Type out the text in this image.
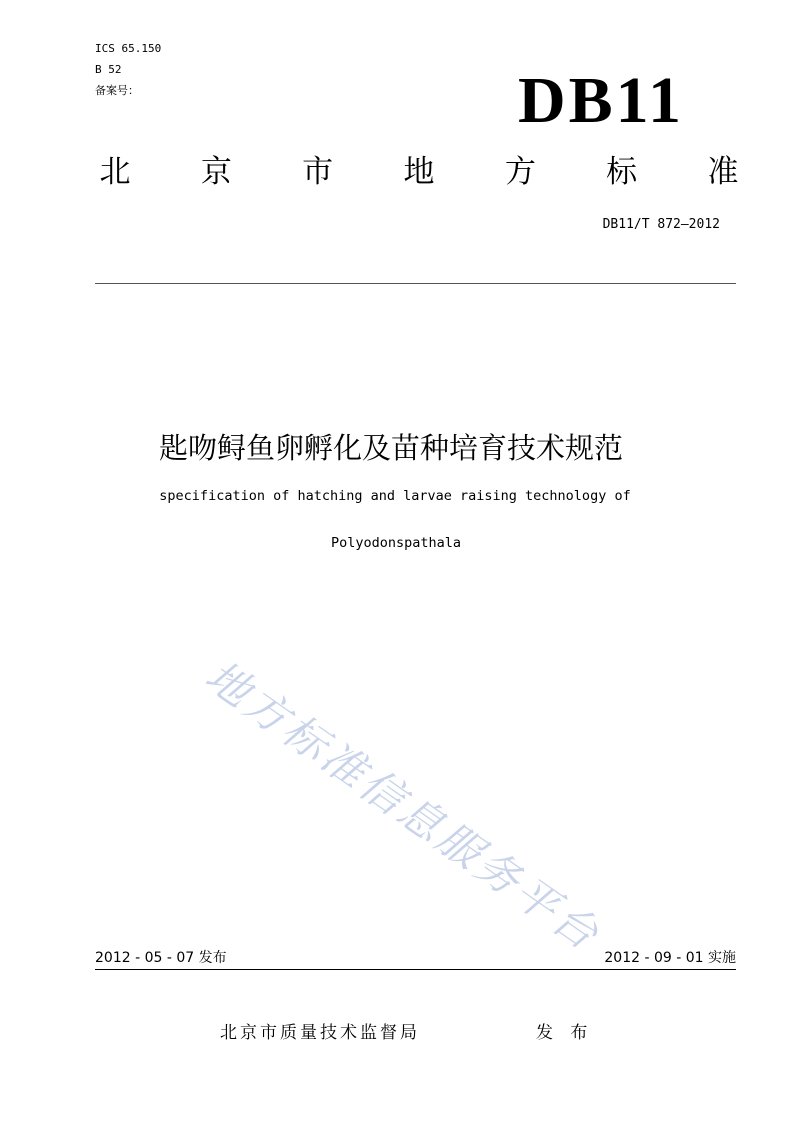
ICS 65.150
B 52
备案号：	DB11
北 京 市 地 方 标 准
DB11/T 872—2012
匙吻鲟鱼卵孵化及苗种培育技术规范
specification of hatching and larvae raising technology of
Polyodonspathala
地方标准信息服务平台
2012 - 05 - 07 发布	2012 - 09 - 01 实施
北京市质量技术监督局	发 布
